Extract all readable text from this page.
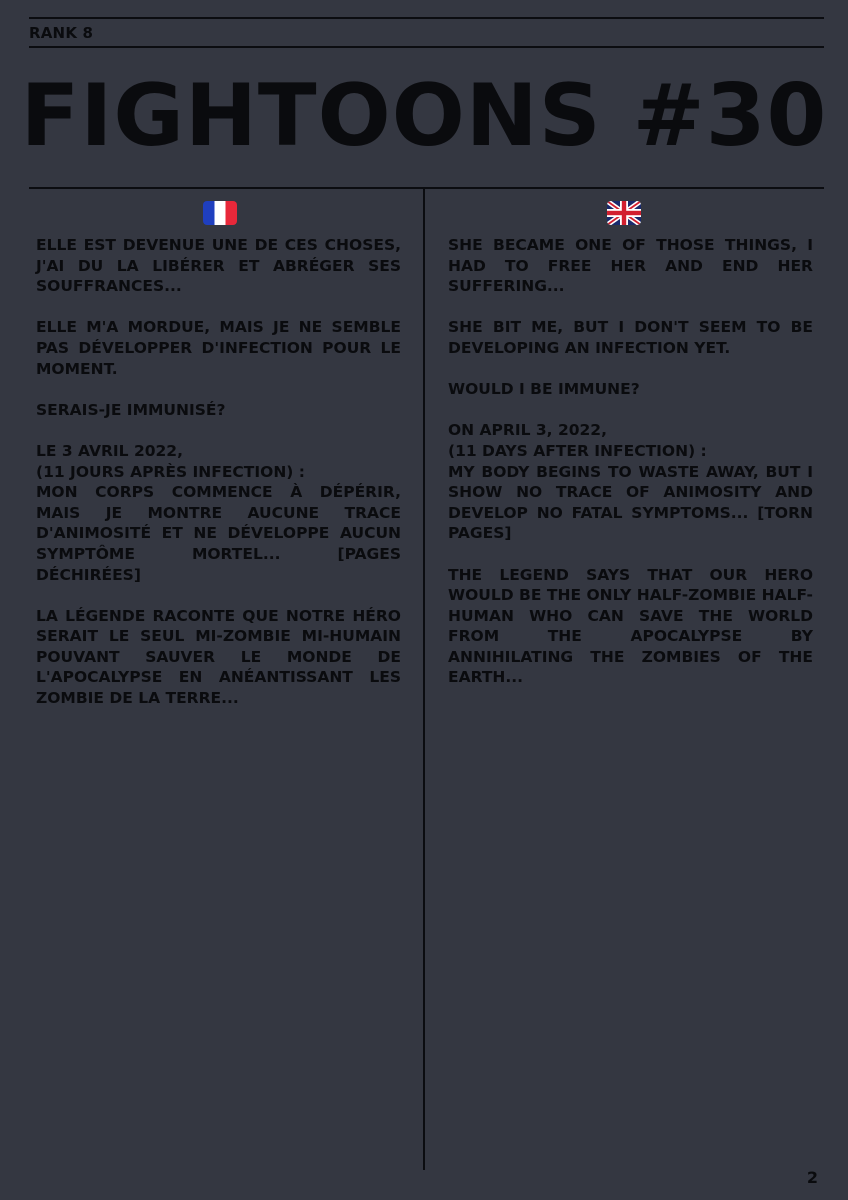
RANK 8
FIGHTOONS #30

ELLE EST DEVENUE UNE DE CES CHOSES, J'AI DU LA LIBÉRER ET ABRÉGER SES SOUFFRANCES...

ELLE M'A MORDUE, MAIS JE NE SEMBLE PAS DÉVELOPPER D'INFECTION POUR LE MOMENT.

SERAIS-JE IMMUNISÉ?

LE 3 AVRIL 2022,
(11 JOURS APRÈS INFECTION) :

MON CORPS COMMENCE À DÉPÉRIR, MAIS JE MONTRE AUCUNE TRACE D'ANIMOSITÉ ET NE DÉVELOPPE AUCUN SYMPTÔME MORTEL... [PAGES DÉCHIRÉES]

LA LÉGENDE RACONTE QUE NOTRE HÉRO SERAIT LE SEUL MI-ZOMBIE MI-HUMAIN POUVANT SAUVER LE MONDE DE L'APOCALYPSE EN ANÉANTISSANT LES ZOMBIE DE LA TERRE...

SHE BECAME ONE OF THOSE THINGS, I HAD TO FREE HER AND END HER SUFFERING...

SHE BIT ME, BUT I DON'T SEEM TO BE DEVELOPING AN INFECTION YET.

WOULD I BE IMMUNE?

ON APRIL 3, 2022,
(11 DAYS AFTER INFECTION) :

MY BODY BEGINS TO WASTE AWAY, BUT I SHOW NO TRACE OF ANIMOSITY AND DEVELOP NO FATAL SYMPTOMS... [TORN PAGES]

THE LEGEND SAYS THAT OUR HERO WOULD BE THE ONLY HALF-ZOMBIE HALF-HUMAN WHO CAN SAVE THE WORLD FROM THE APOCALYPSE BY ANNIHILATING THE ZOMBIES OF THE EARTH...

2
